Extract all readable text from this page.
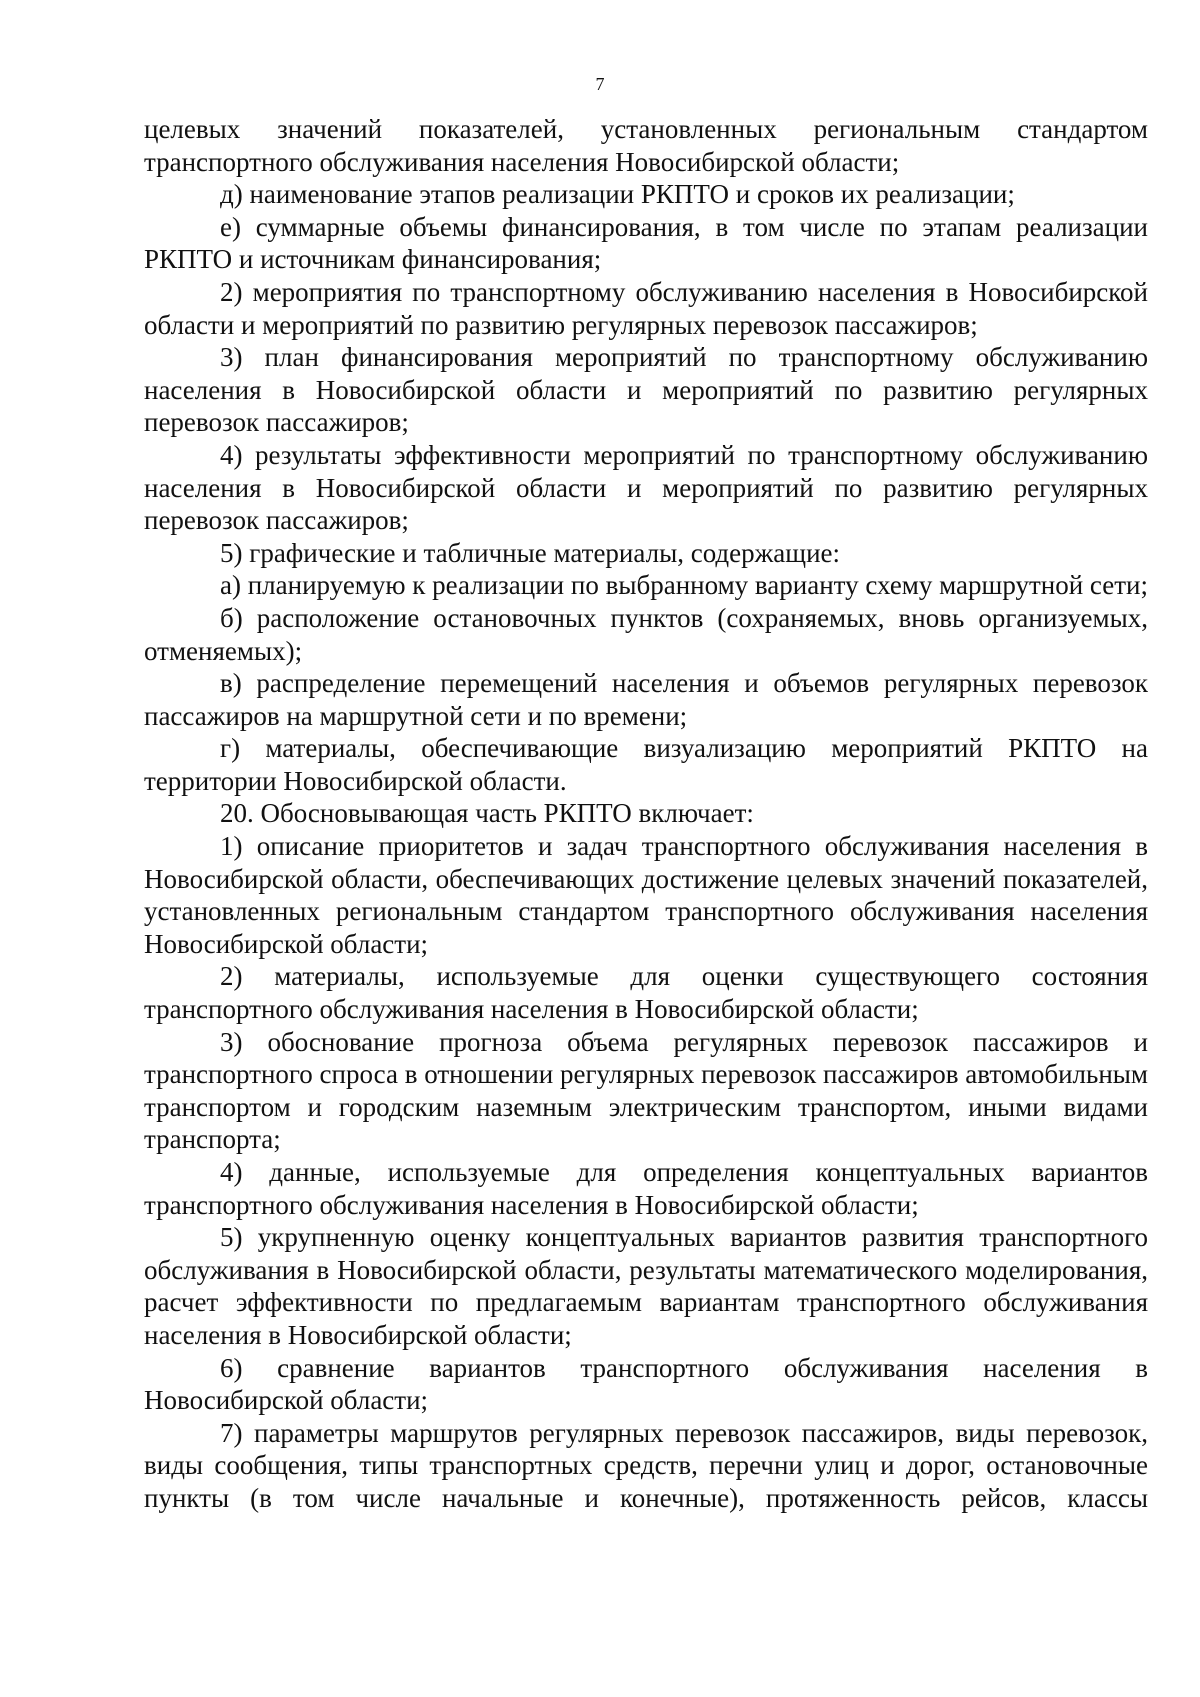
7

целевых значений показателей, установленных региональным стандартом транспортного обслуживания населения Новосибирской области;

д) наименование этапов реализации РКПТО и сроков их реализации;

е) суммарные объемы финансирования, в том числе по этапам реализации РКПТО и источникам финансирования;

2) мероприятия по транспортному обслуживанию населения в Новосибирской области и мероприятий по развитию регулярных перевозок пассажиров;

3) план финансирования мероприятий по транспортному обслуживанию населения в Новосибирской области и мероприятий по развитию регулярных перевозок пассажиров;

4) результаты эффективности мероприятий по транспортному обслуживанию населения в Новосибирской области и мероприятий по развитию регулярных перевозок пассажиров;

5) графические и табличные материалы, содержащие:

а) планируемую к реализации по выбранному варианту схему маршрутной сети;

б) расположение остановочных пунктов (сохраняемых, вновь организуемых, отменяемых);

в) распределение перемещений населения и объемов регулярных перевозок пассажиров на маршрутной сети и по времени;

г) материалы, обеспечивающие визуализацию мероприятий РКПТО на территории Новосибирской области.

20. Обосновывающая часть РКПТО включает:

1) описание приоритетов и задач транспортного обслуживания населения в Новосибирской области, обеспечивающих достижение целевых значений показателей, установленных региональным стандартом транспортного обслуживания населения Новосибирской области;

2) материалы, используемые для оценки существующего состояния транспортного обслуживания населения в Новосибирской области;

3) обоснование прогноза объема регулярных перевозок пассажиров и транспортного спроса в отношении регулярных перевозок пассажиров автомобильным транспортом и городским наземным электрическим транспортом, иными видами транспорта;

4) данные, используемые для определения концептуальных вариантов транспортного обслуживания населения в Новосибирской области;

5) укрупненную оценку концептуальных вариантов развития транспортного обслуживания в Новосибирской области, результаты математического моделирования, расчет эффективности по предлагаемым вариантам транспортного обслуживания населения в Новосибирской области;

6) сравнение вариантов транспортного обслуживания населения в Новосибирской области;

7) параметры маршрутов регулярных перевозок пассажиров, виды перевозок, виды сообщения, типы транспортных средств, перечни улиц и дорог, остановочные пункты (в том числе начальные и конечные), протяженность рейсов, классы
